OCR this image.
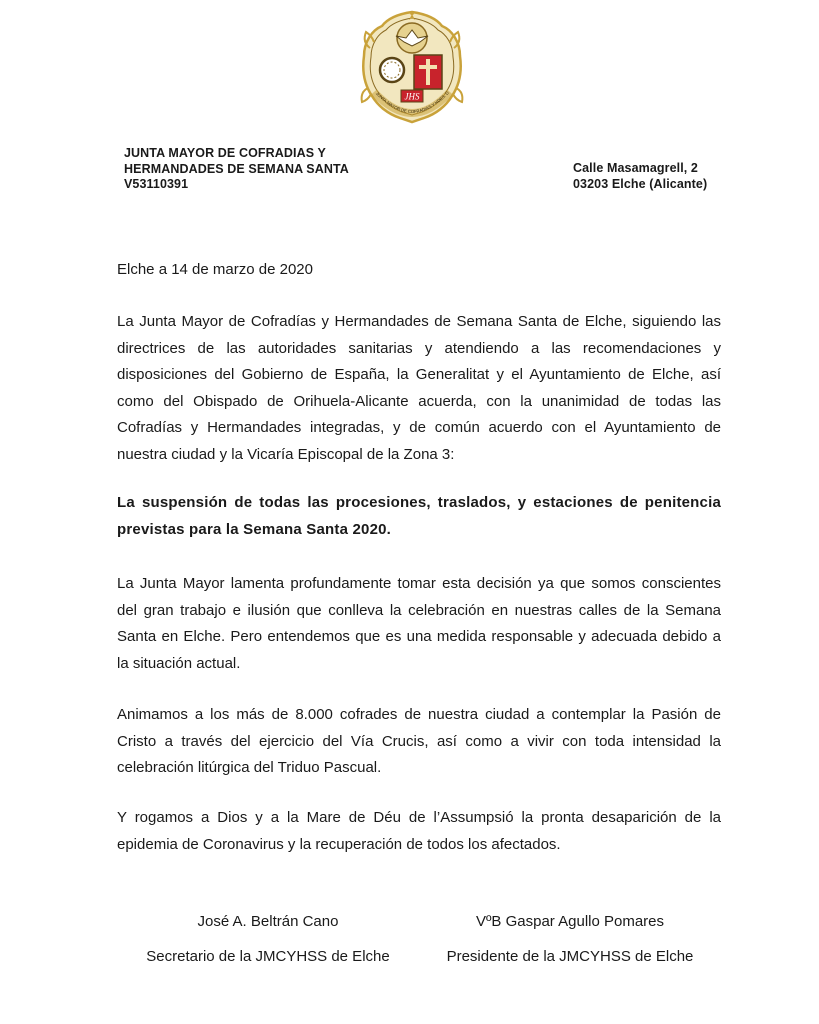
JHS
JUNTA MAYOR DE COFRADIAS Y HDES. D
JUNTA MAYOR DE COFRADIAS Y
HERMANDADES DE SEMANA SANTA
V53110391
Calle Masamagrell, 2
03203 Elche (Alicante)
Elche a 14 de marzo de 2020

La Junta Mayor de Cofradías y Hermandades de Semana Santa de Elche, siguiendo las directrices de las autoridades sanitarias y atendiendo a las recomendaciones y disposiciones del Gobierno de España, la Generalitat y el Ayuntamiento de Elche, así como del Obispado de Orihuela-Alicante acuerda, con la unanimidad de todas las Cofradías y Hermandades integradas, y de común acuerdo con el Ayuntamiento de nuestra ciudad y la Vicaría Episcopal de la Zona 3:

La suspensión de todas las procesiones, traslados, y estaciones de penitencia previstas para la Semana Santa 2020.

La Junta Mayor lamenta profundamente tomar esta decisión ya que somos conscientes del gran trabajo e ilusión que conlleva la celebración en nuestras calles de la Semana Santa en Elche. Pero entendemos que es una medida responsable y adecuada debido a la situación actual.

Animamos a los más de 8.000 cofrades de nuestra ciudad a contemplar la Pasión de Cristo a través del ejercicio del Vía Crucis, así como a vivir con toda intensidad la celebración litúrgica del Triduo Pascual.

Y rogamos a Dios y a la Mare de Déu de l’Assumpsió la pronta desaparición de la epidemia de Coronavirus y la recuperación de todos los afectados.

José A. Beltrán Cano
Secretario de la JMCYHSS de Elche
VºB Gaspar Agullo Pomares
Presidente de la JMCYHSS de Elche
